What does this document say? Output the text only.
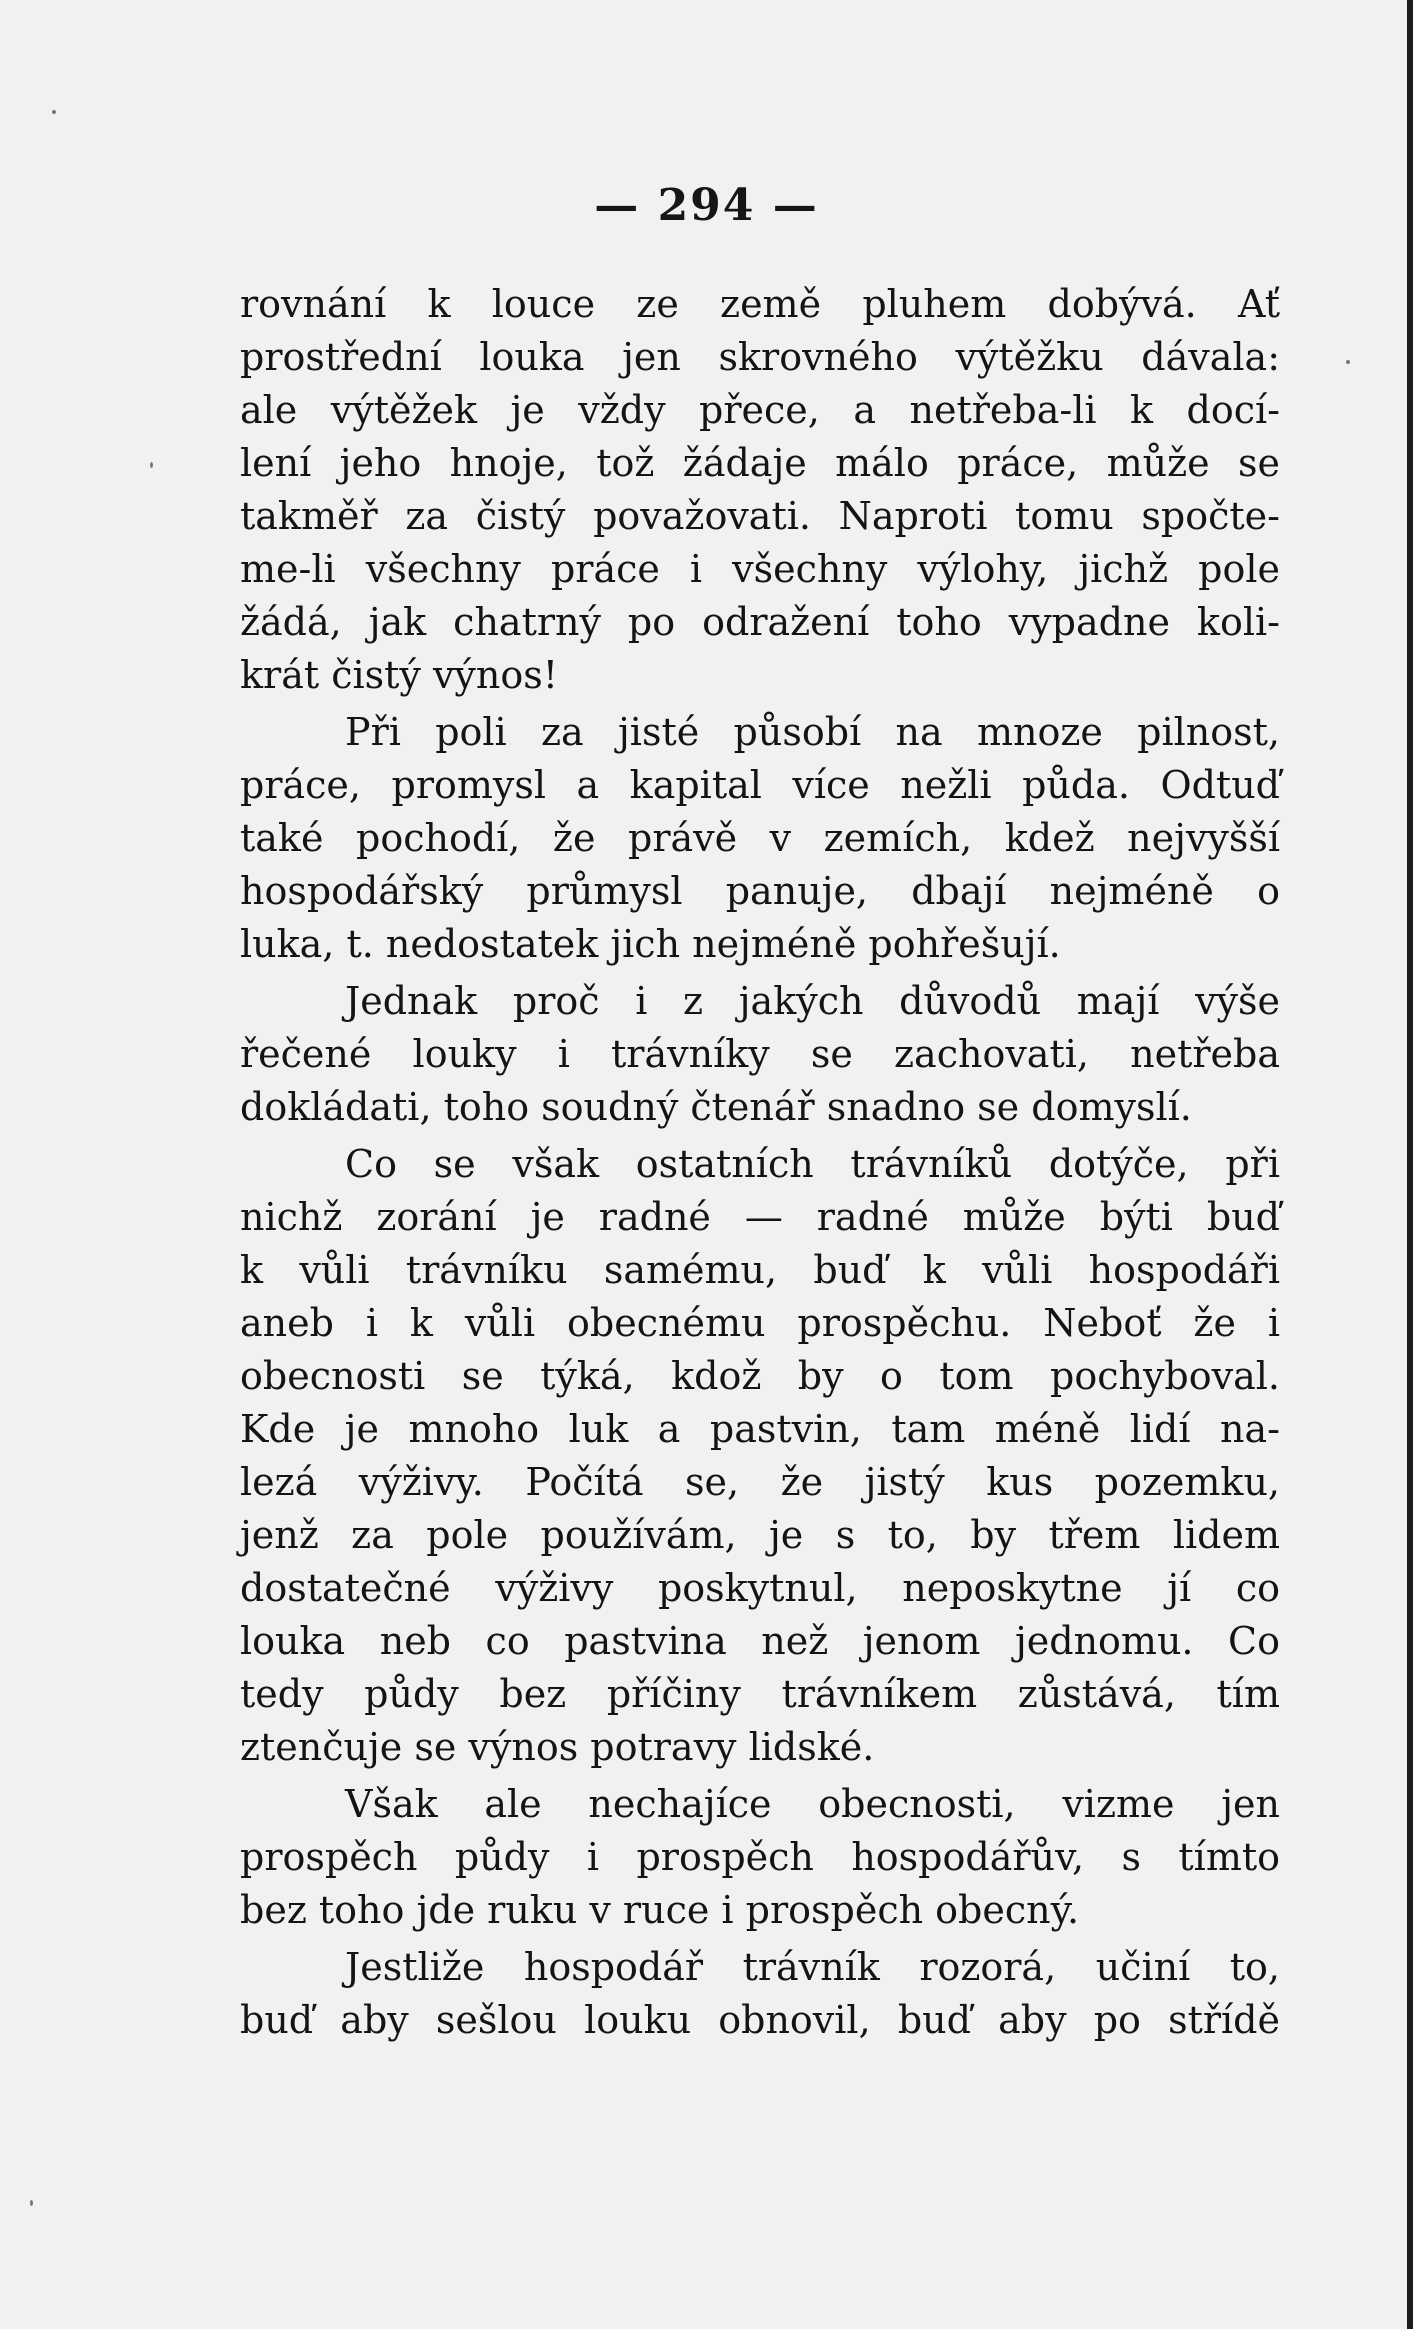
— 294 —
rovnání k louce ze země pluhem dobývá. Ať
prostřední louka jen skrovného výtěžku dávala:
ale výtěžek je vždy přece, a netřeba-li k docí-
lení jeho hnoje, tož žádaje málo práce, může se
takměř za čistý považovati. Naproti tomu spočte-
me-li všechny práce i všechny výlohy, jichž pole
žádá, jak chatrný po odražení toho vypadne koli-
krát čistý výnos!
Při poli za jisté působí na mnoze pilnost,
práce, promysl a kapital více nežli půda. Odtuď
také pochodí, že právě v zemích, kdež nejvyšší
hospodářský průmysl panuje, dbají nejméně o
luka, t. nedostatek jich nejméně pohřešují.
Jednak proč i z jakých důvodů mají výše
řečené louky i trávníky se zachovati, netřeba
dokládati, toho soudný čtenář snadno se domyslí.
Co se však ostatních trávníků dotýče, při
nichž zorání je radné — radné může býti buď
k vůli trávníku samému, buď k vůli hospodáři
aneb i k vůli obecnému prospěchu. Neboť že i
obecnosti se týká, kdož by o tom pochyboval.
Kde je mnoho luk a pastvin, tam méně lidí na-
lezá výživy. Počítá se, že jistý kus pozemku,
jenž za pole používám, je s to, by třem lidem
dostatečné výživy poskytnul, neposkytne jí co
louka neb co pastvina než jenom jednomu. Co
tedy půdy bez příčiny trávníkem zůstává, tím
ztenčuje se výnos potravy lidské.
Však ale nechajíce obecnosti, vizme jen
prospěch půdy i prospěch hospodářův, s tímto
bez toho jde ruku v ruce i prospěch obecný.
Jestliže hospodář trávník rozorá, učiní to,
buď aby sešlou louku obnovil, buď aby po střídě
